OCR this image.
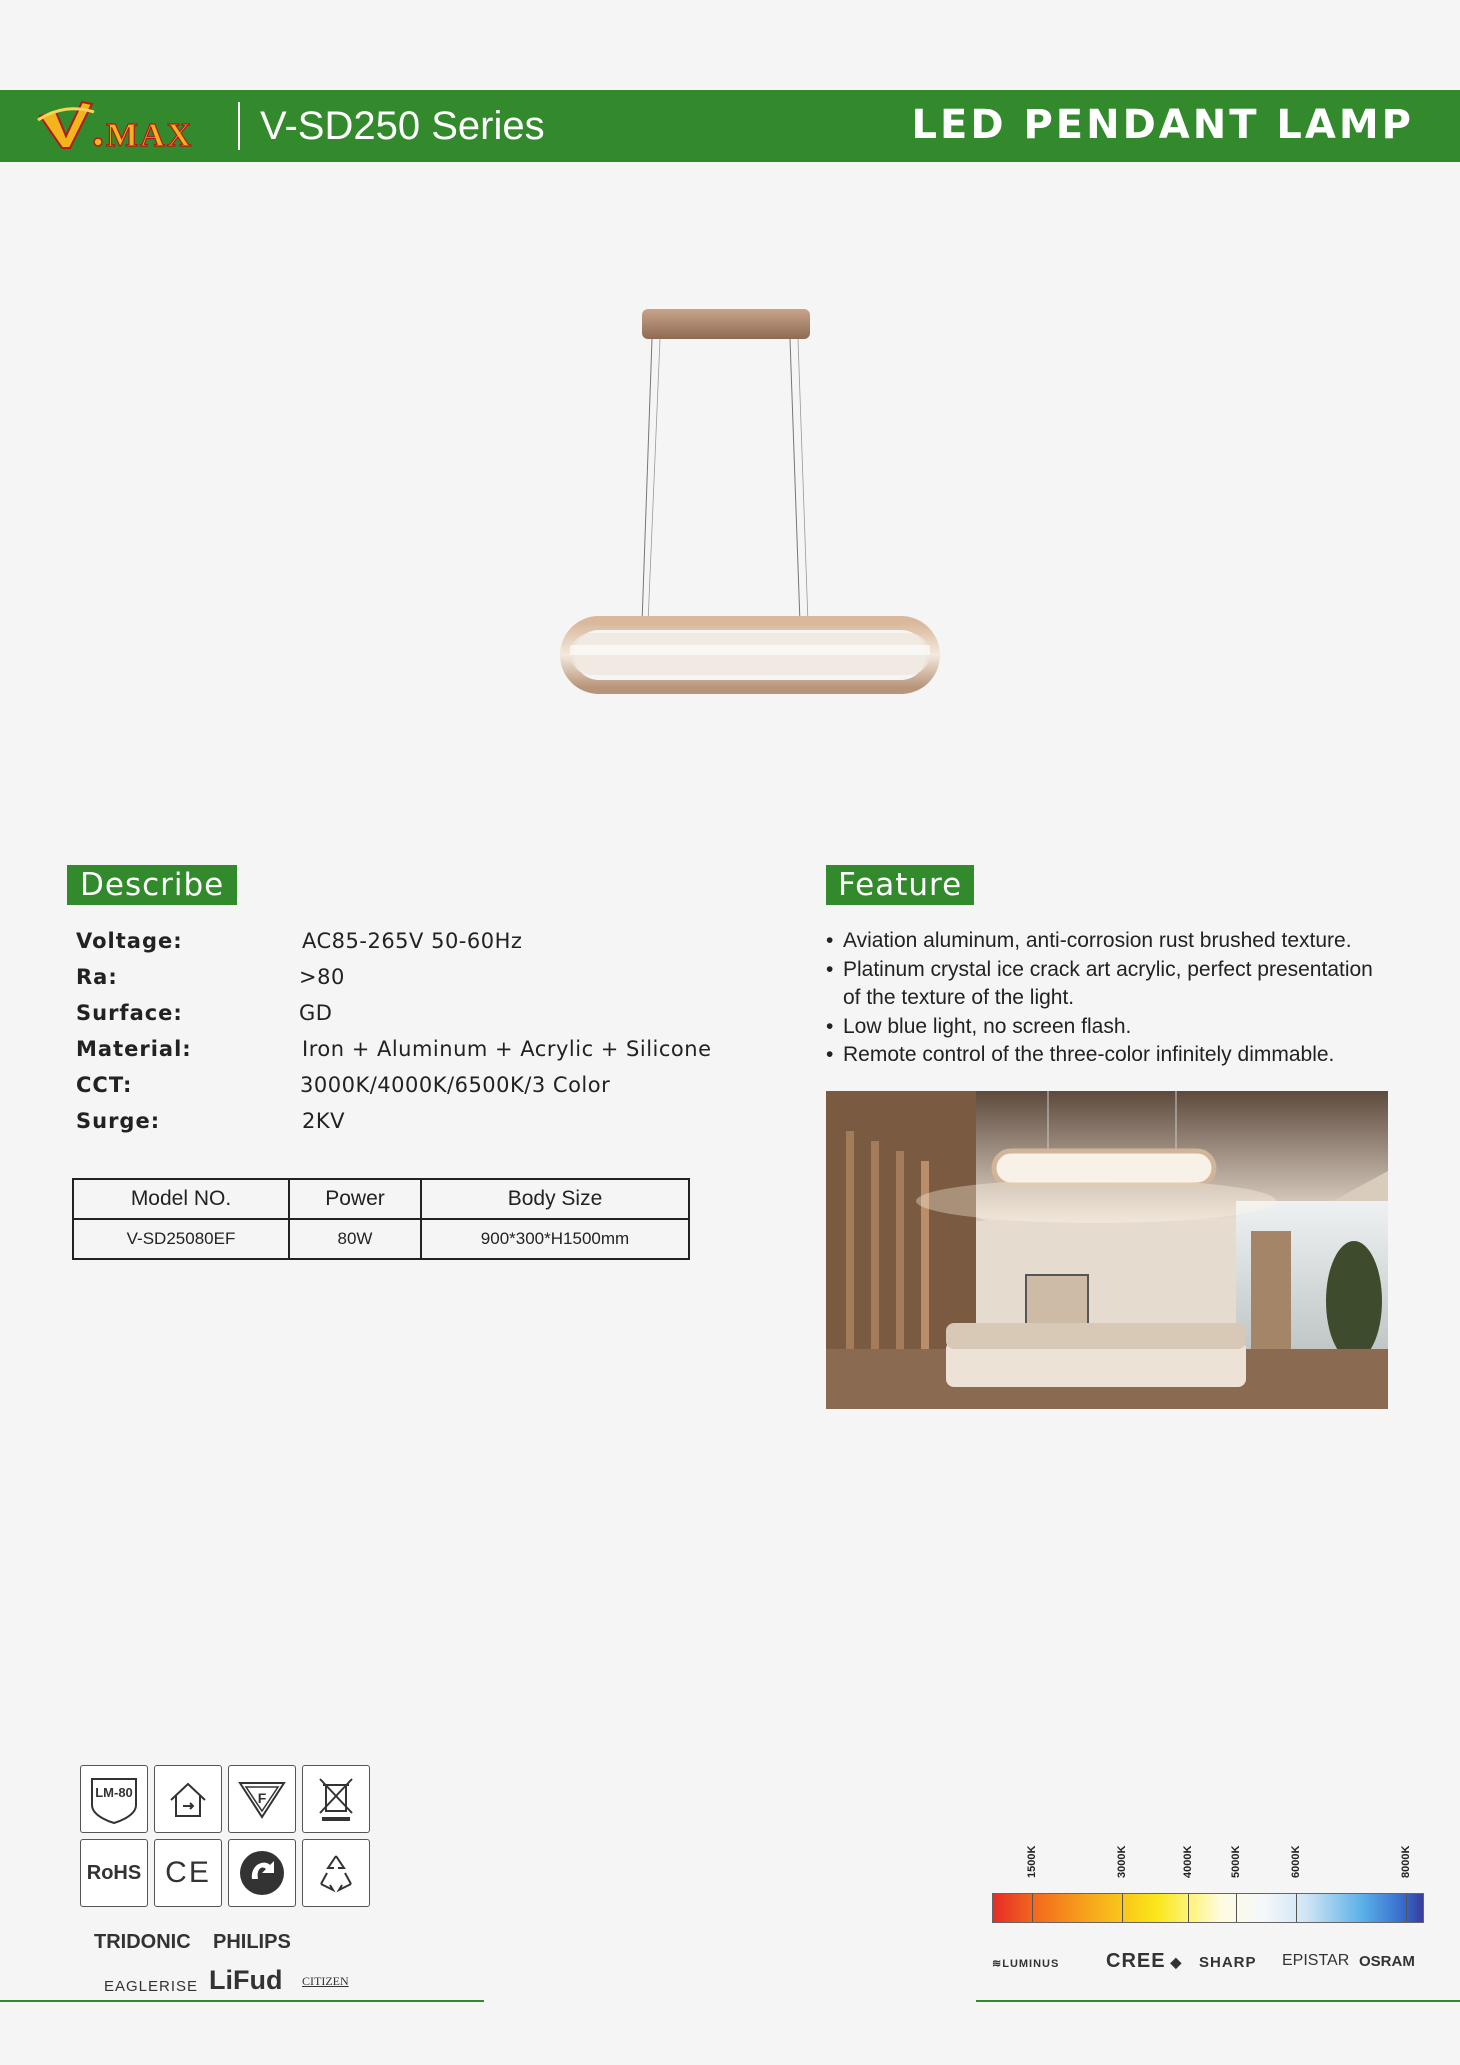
MAX V-SD250 Series	LED PENDANT LAMP
Describe
Voltage:	AC85-265V 50-60Hz
Ra:	>80
Surface:	GD
Material:	Iron + Aluminum + Acrylic + Silicone
CCT:	3000K/4000K/6500K/3 Color
Surge:	2KV
Model NO.	Power	Body Size
V-SD25080EF	80W	900*300*H1500mm
Feature
• Aviation aluminum, anti-corrosion rust brushed texture.
• Platinum crystal ice crack art acrylic, perfect presentation of the texture of the light.
• Low blue light, no screen flash.
• Remote control of the three-color infinitely dimmable.
LM-80	F
RoHS CE
TRIDONIC PHILIPS
EAGLERISE LiFud CITIZEN
1500K	3000K	4000K	5000K	6000K	8000K
≋LUMINUS CREE ◆ SHARP EPISTAR OSRAM
